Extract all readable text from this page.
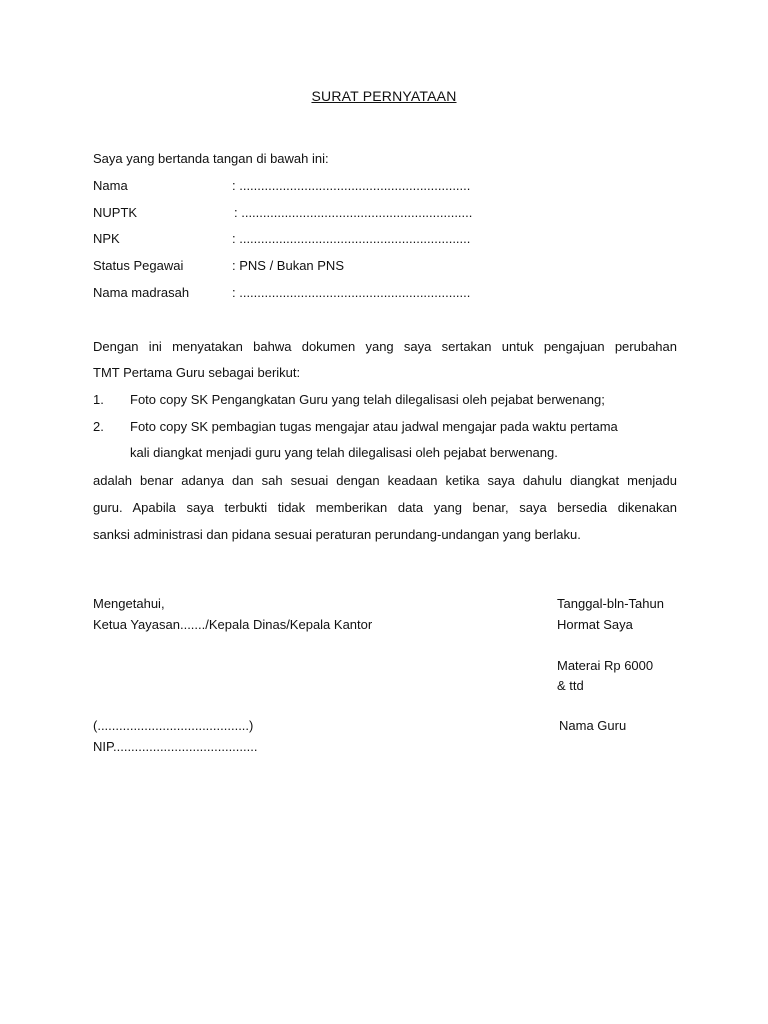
SURAT PERNYATAAN
Saya yang bertanda tangan di bawah ini:
Nama	: ................................................................
NUPTK	: ................................................................
NPK	: ................................................................
Status Pegawai	: PNS / Bukan PNS
Nama madrasah	: ................................................................
Dengan ini menyatakan bahwa dokumen yang saya sertakan untuk pengajuan perubahan
TMT Pertama Guru sebagai berikut:
1. Foto copy SK Pengangkatan Guru yang telah dilegalisasi oleh pejabat berwenang;
2. Foto copy SK pembagian tugas mengajar atau jadwal mengajar pada waktu pertama
kali diangkat menjadi guru yang telah dilegalisasi oleh pejabat berwenang.
adalah benar adanya dan sah sesuai dengan keadaan ketika saya dahulu diangkat menjadu
guru. Apabila saya terbukti tidak memberikan data yang benar, saya bersedia dikenakan
sanksi administrasi dan pidana sesuai peraturan perundang-undangan yang berlaku.
Mengetahui,
Ketua Yayasan......./Kepala Dinas/Kepala Kantor
(..........................................)
NIP........................................
Tanggal-bln-Tahun
Hormat Saya
Materai Rp 6000
& ttd
Nama Guru
